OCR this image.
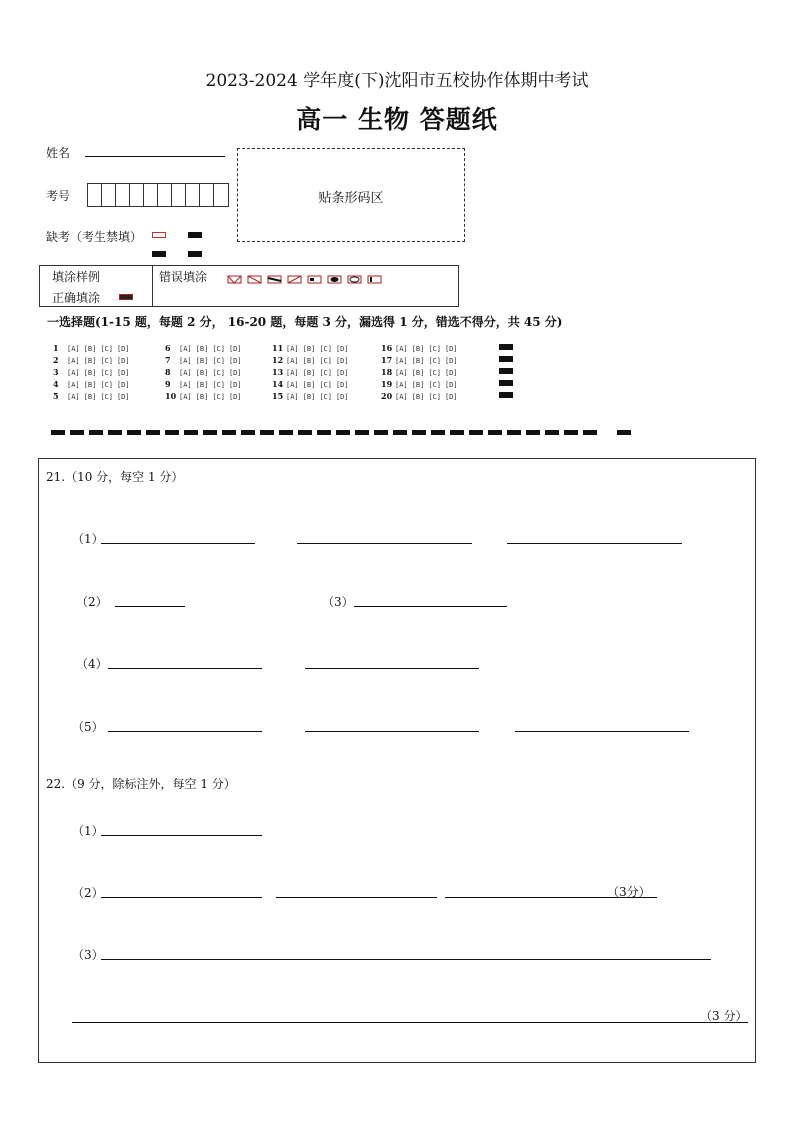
2023-2024 学年度(下)沈阳市五校协作体期中考试
高一 生物 答题纸
姓名
考号
缺考（考生禁填）
贴条形码区
填涂样例
正确填涂
错误填涂
一选择题(1-15 题，每题 2 分， 16-20 题，每题 3 分，漏选得 1 分，错选不得分，共 45 分)
1 [A] [B] [C] [D]
2 [A] [B] [C] [D]
3 [A] [B] [C] [D]
4 [A] [B] [C] [D]
5 [A] [B] [C] [D]
6 [A] [B] [C] [D]
7 [A] [B] [C] [D]
8 [A] [B] [C] [D]
9 [A] [B] [C] [D]
10 [A] [B] [C] [D]
11 [A] [B] [C] [D]
12 [A] [B] [C] [D]
13 [A] [B] [C] [D]
14 [A] [B] [C] [D]
15 [A] [B] [C] [D]
16 [A] [B] [C] [D]
17 [A] [B] [C] [D]
18 [A] [B] [C] [D]
19 [A] [B] [C] [D]
20 [A] [B] [C] [D]
21.（10 分，每空 1 分）
（1）
（2）	（3）
（4）
（5）
22.（9 分，除标注外，每空 1 分）
（1）
（2）	（3分）
（3）
（3 分）
